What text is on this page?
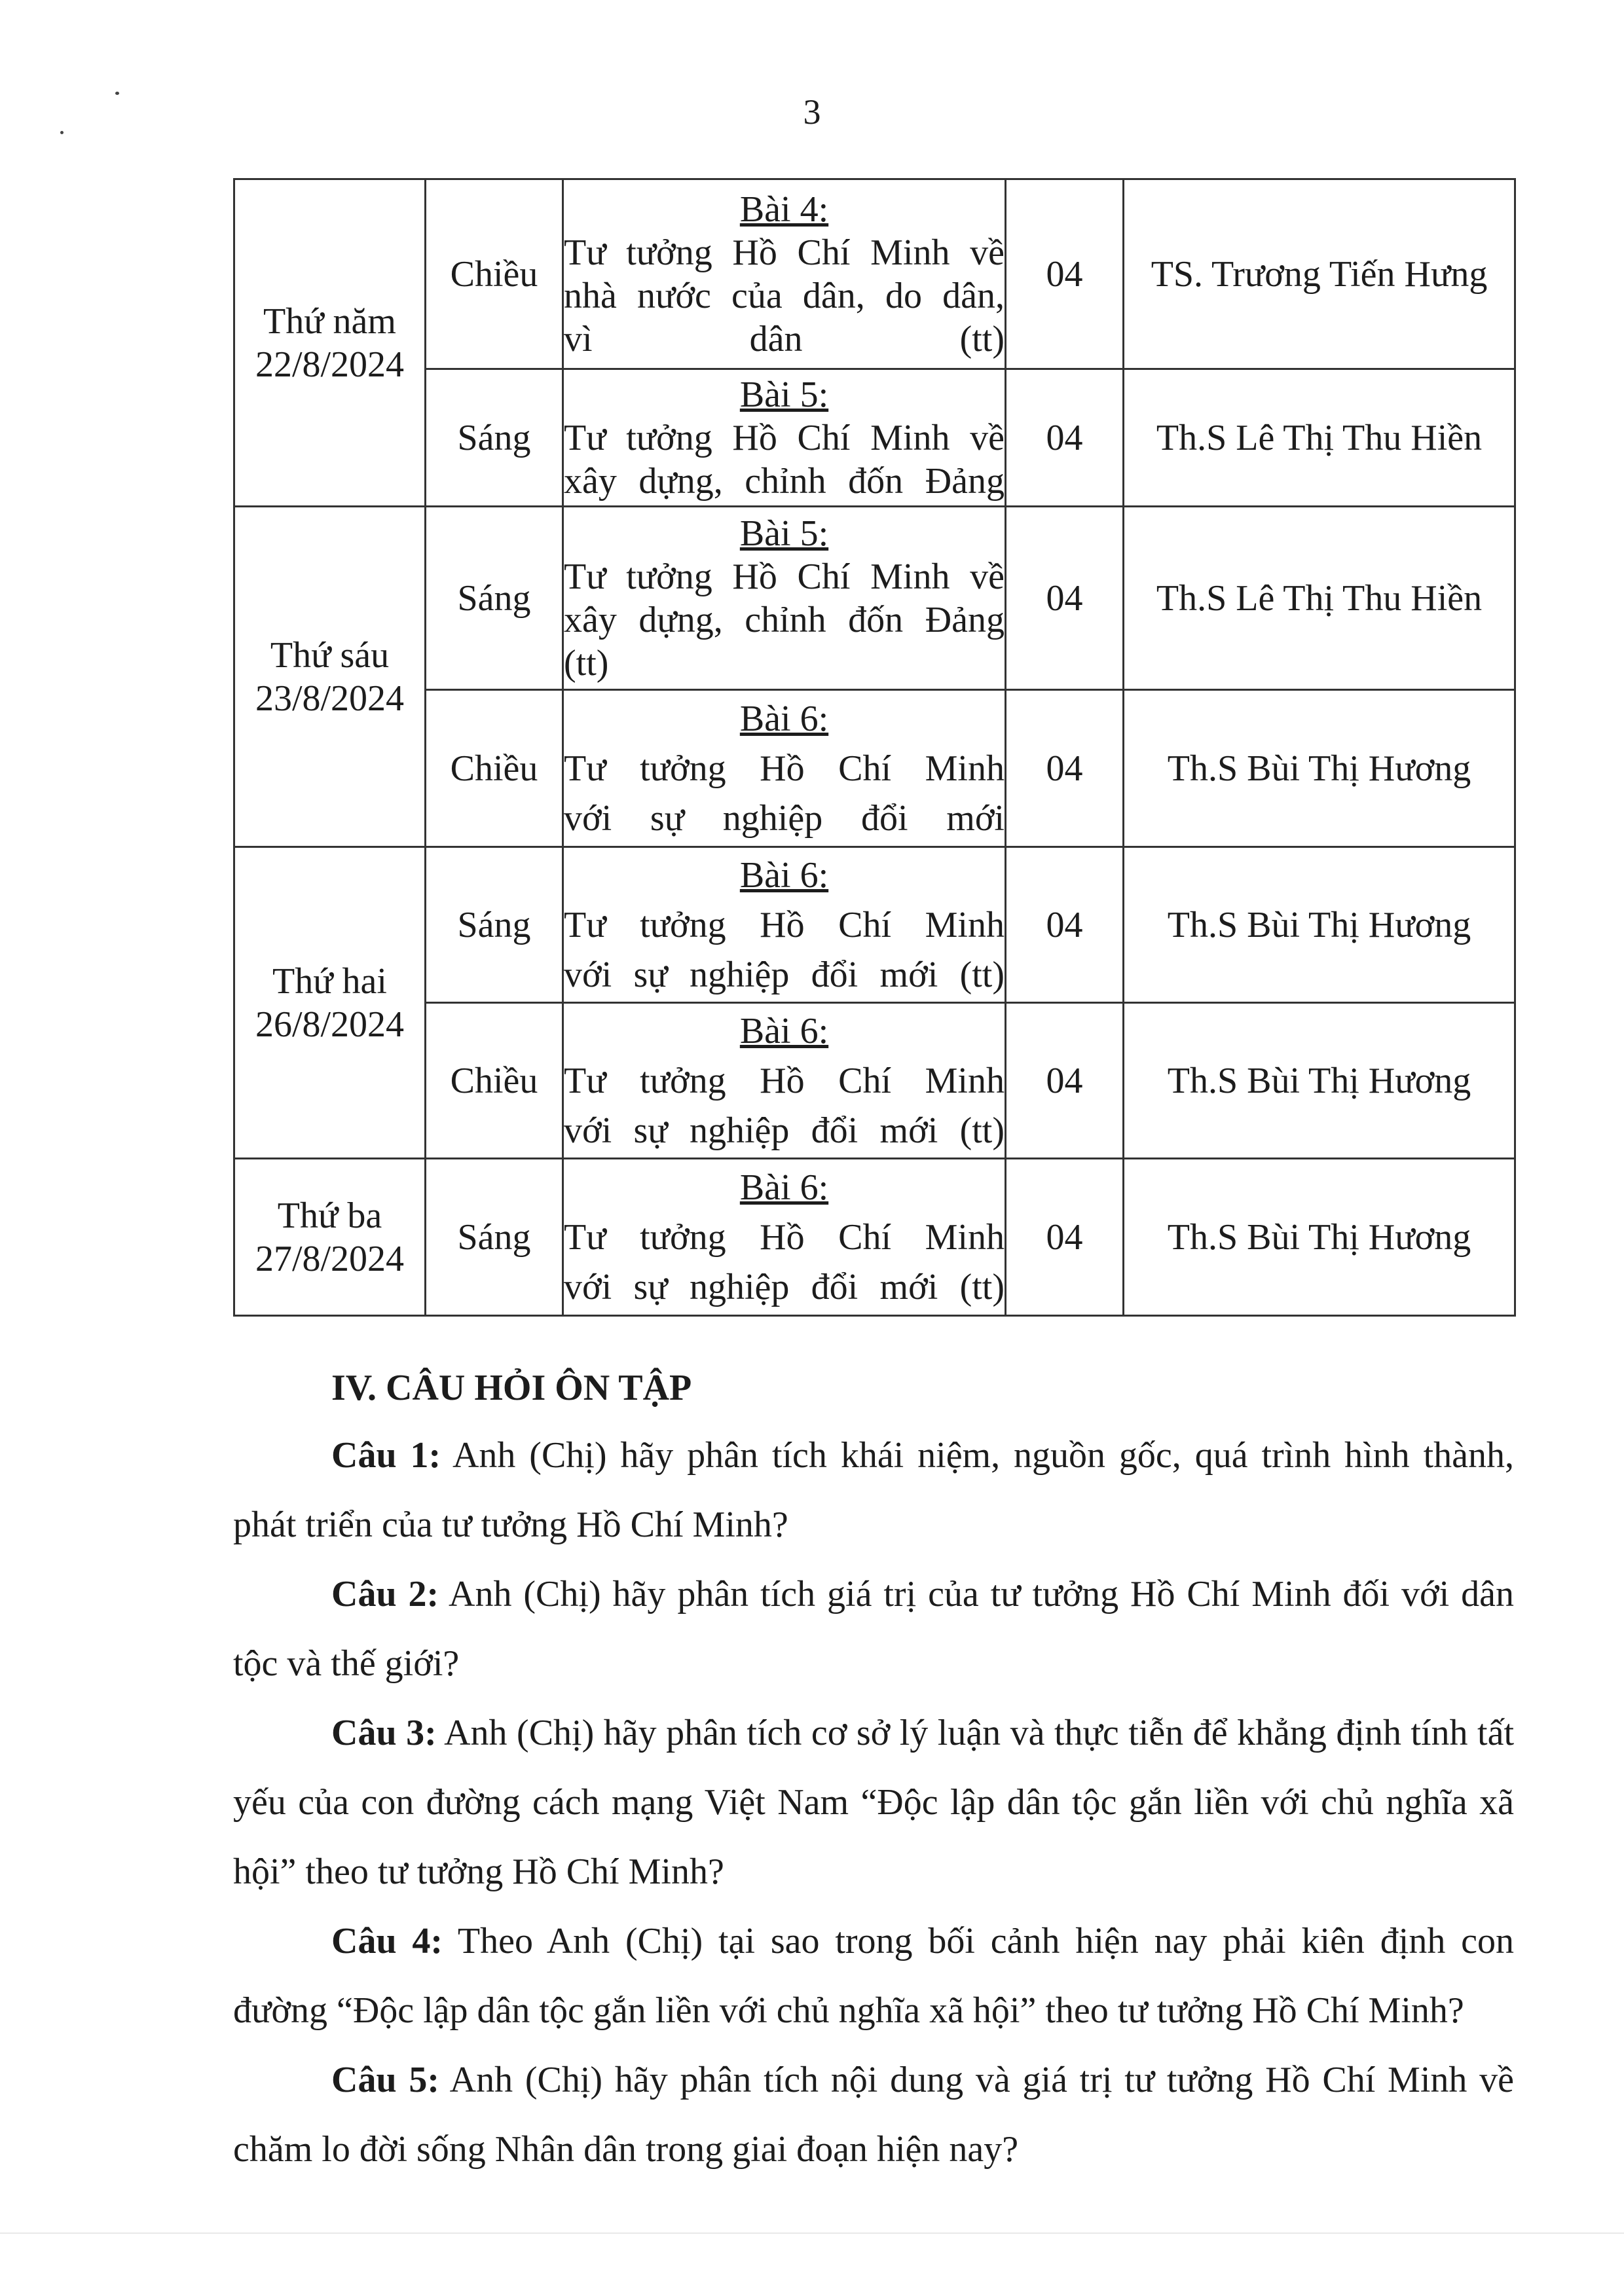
3
Thứ năm
22/8/2024	Chiều	Bài 4:
Tư tưởng Hồ Chí Minh về
nhà nước của dân, do dân,
vì dân (tt)	04	TS. Trương Tiến Hưng
	Sáng	Bài 5:
Tư tưởng Hồ Chí Minh về
xây dựng, chỉnh đốn Đảng	04	Th.S Lê Thị Thu Hiền
Thứ sáu
23/8/2024	Sáng	Bài 5:
Tư tưởng Hồ Chí Minh về
xây dựng, chỉnh đốn Đảng
(tt)	04	Th.S Lê Thị Thu Hiền
	Chiều	Bài 6:
Tư tưởng Hồ Chí Minh
với sự nghiệp đổi mới	04	Th.S Bùi Thị Hương
Thứ hai
26/8/2024	Sáng	Bài 6:
Tư tưởng Hồ Chí Minh
với sự nghiệp đổi mới (tt)	04	Th.S Bùi Thị Hương
	Chiều	Bài 6:
Tư tưởng Hồ Chí Minh
với sự nghiệp đổi mới (tt)	04	Th.S Bùi Thị Hương
Thứ ba
27/8/2024	Sáng	Bài 6:
Tư tưởng Hồ Chí Minh
với sự nghiệp đổi mới (tt)	04	Th.S Bùi Thị Hương

IV. CÂU HỎI ÔN TẬP

Câu 1: Anh (Chị) hãy phân tích khái niệm, nguồn gốc, quá trình hình thành, phát triển của tư tưởng Hồ Chí Minh?

Câu 2: Anh (Chị) hãy phân tích giá trị của tư tưởng Hồ Chí Minh đối với dân tộc và thế giới?

Câu 3: Anh (Chị) hãy phân tích cơ sở lý luận và thực tiễn để khẳng định tính tất yếu của con đường cách mạng Việt Nam “Độc lập dân tộc gắn liền với chủ nghĩa xã hội” theo tư tưởng Hồ Chí Minh?

Câu 4: Theo Anh (Chị) tại sao trong bối cảnh hiện nay phải kiên định con đường “Độc lập dân tộc gắn liền với chủ nghĩa xã hội” theo tư tưởng Hồ Chí Minh?

Câu 5: Anh (Chị) hãy phân tích nội dung và giá trị tư tưởng Hồ Chí Minh về chăm lo đời sống Nhân dân trong giai đoạn hiện nay?
